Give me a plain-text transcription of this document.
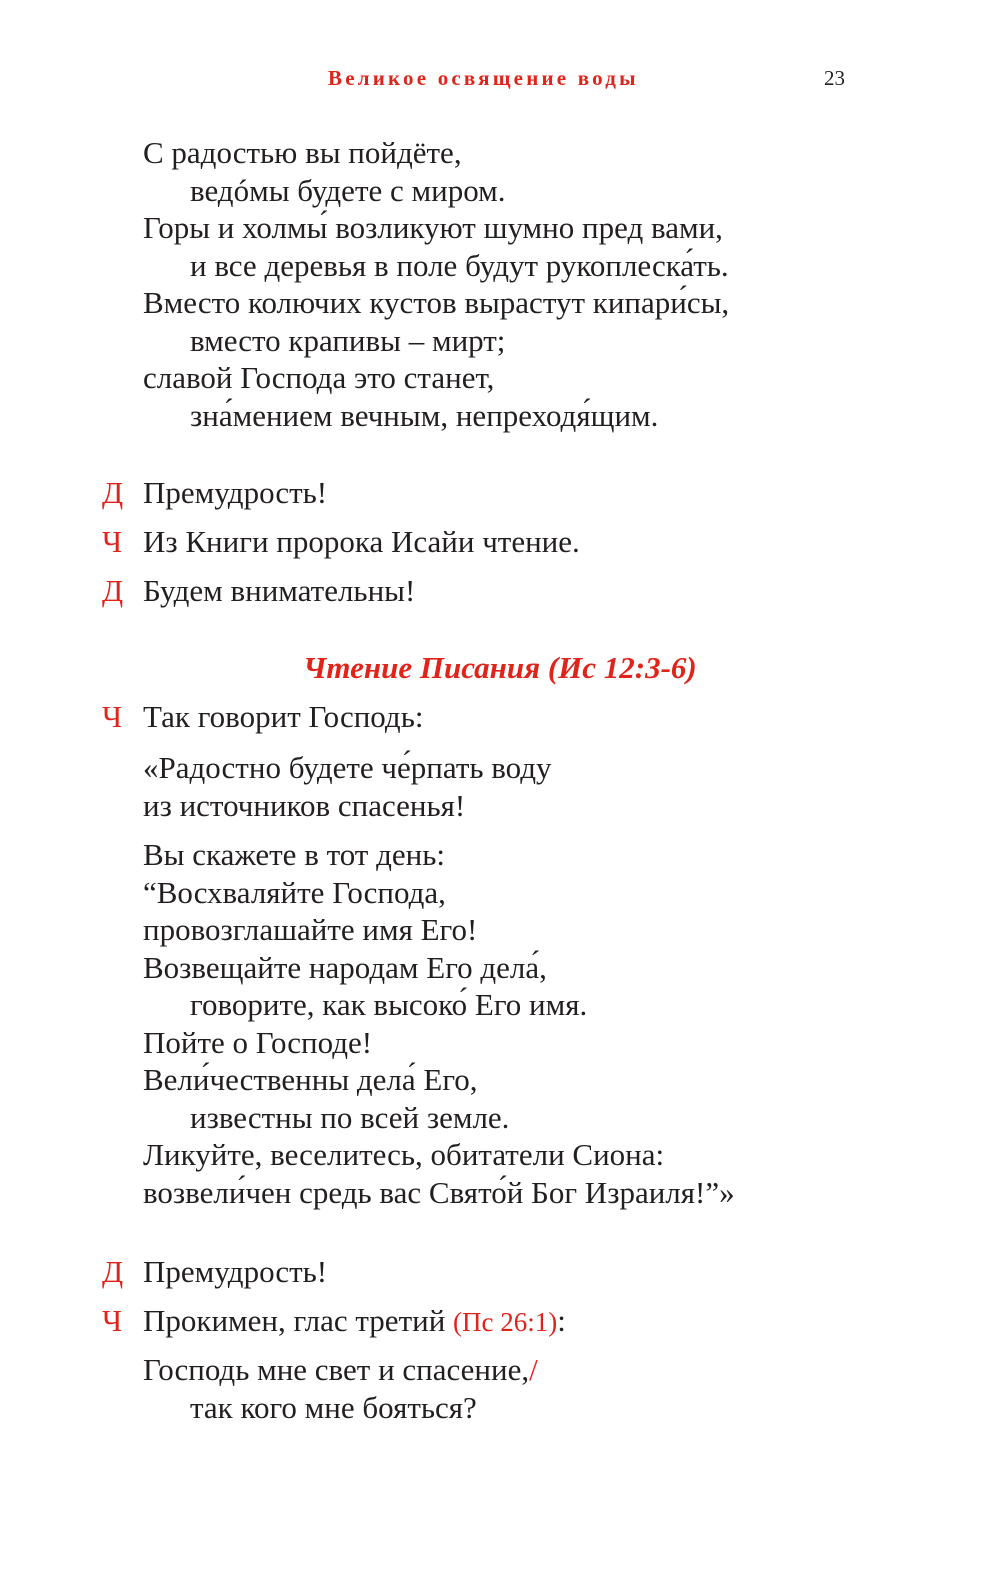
Великое освящение воды	23
С радостью вы пойдёте,
ведóмы будете с миром.
Горы и холмы́ возликуют шумно пред вами,
и все деревья в поле будут рукоплеска́ть.
Вместо колючих кустов вырастут кипари́сы,
вместо крапивы – мирт;
славой Господа это станет,
зна́мением вечным, непреходя́щим.
Д Премудрость!
Ч Из Книги пророка Исайи чтение.
Д Будем внимательны!
Чтение Писания (Ис 12:3-6)
Ч Так говорит Господь:
«Радостно будете че́рпать воду
из источников спасенья!
Вы скажете в тот день:
“Восхваляйте Господа,
провозглашайте имя Его!
Возвещайте народам Его дела́,
говорите, как высоко́ Его имя.
Пойте о Господе!
Вели́чественны дела́ Его,
известны по всей земле.
Ликуйте, веселитесь, обитатели Сиона:
возвели́чен средь вас Свято́й Бог Израиля!”»
Д Премудрость!
Ч Прокимен, глас третий (Пс 26:1):
Господь мне свет и спасение,/
так кого мне бояться?
